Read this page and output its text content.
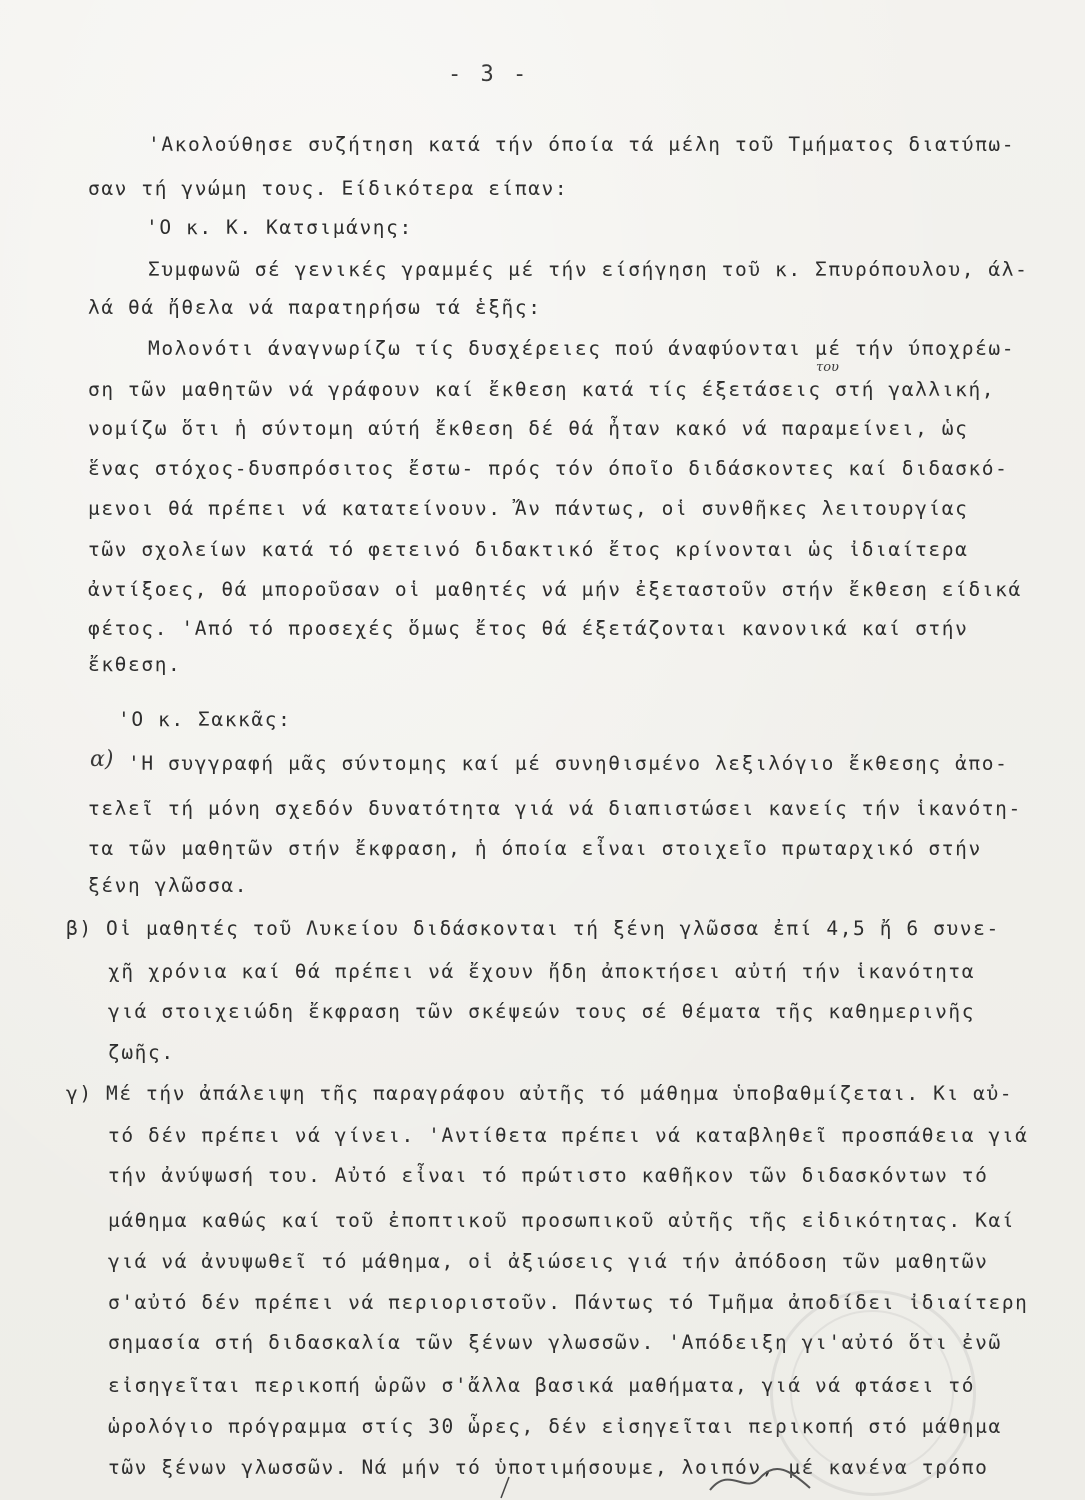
- 3 -
'Ακολούθησε συζήτηση κατά τήν όποία τά μέλη τοῦ Τμήματος διατύπω-
σαν τή γνώμη τους. Είδικότερα είπαν:
'Ο κ. Κ. Κατσιμάνης:
Συμφωνῶ σέ γενικές γραμμές μέ τήν είσήγηση τοῦ κ. Σπυρόπουλου, άλ-
λά θά ἤθελα νά παρατηρήσω τά ἑξῆς:
Μολονότι άναγνωρίζω τίς δυσχέρειες πού άναφύονται μέ τήν ύποχρέω-
ση τῶν μαθητῶν νά γράφουν καί ἔκθεση κατά τίς έξετάσεις στή γαλλική,
νομίζω ὅτι ἡ σύντομη αύτή ἔκθεση δέ θά ἦταν κακό νά παραμείνει, ὡς
ἕνας στόχος-δυσπρόσιτος ἔστω- πρός τόν όποῖο διδάσκοντες καί διδασκό-
μενοι θά πρέπει νά κατατείνουν. Ἄν πάντως, οἱ συνθῆκες λειτουργίας
τῶν σχολείων κατά τό φετεινό διδακτικό ἔτος κρίνονται ὡς ἰδιαίτερα
ἀντίξοες, θά μποροῦσαν οἱ μαθητές νά μήν ἐξεταστοῦν στήν ἔκθεση είδικά
φέτος. 'Από τό προσεχές ὅμως ἔτος θά έξετάζονται κανονικά καί στήν
ἔκθεση.
'Ο κ. Σακκᾶς:
α)
του
'Η συγγραφή μᾶς σύντομης καί μέ συνηθισμένο λεξιλόγιο ἔκθεσης ἀπο-
τελεῖ τή μόνη σχεδόν δυνατότητα γιά νά διαπιστώσει κανείς τήν ἱκανότη-
τα τῶν μαθητῶν στήν ἔκφραση, ἡ όποία εἶναι στοιχεῖο πρωταρχικό στήν
ξένη γλῶσσα.
β) Οἱ μαθητές τοῦ Λυκείου διδάσκονται τή ξένη γλῶσσα ἐπί 4,5 ἤ 6 συνε-
χῆ χρόνια καί θά πρέπει νά ἔχουν ἤδη ἀποκτήσει αὐτή τήν ἱκανότητα
γιά στοιχειώδη ἔκφραση τῶν σκέψεών τους σέ θέματα τῆς καθημερινῆς
ζωῆς.
γ) Μέ τήν ἀπάλειψη τῆς παραγράφου αὐτῆς τό μάθημα ὑποβαθμίζεται. Κι αὐ-
τό δέν πρέπει νά γίνει. 'Αντίθετα πρέπει νά καταβληθεῖ προσπάθεια γιά
τήν ἀνύψωσή του. Αὐτό εἶναι τό πρώτιστο καθῆκον τῶν διδασκόντων τό
μάθημα καθώς καί τοῦ ἐποπτικοῦ προσωπικοῦ αὐτῆς τῆς εἰδικότητας. Καί
γιά νά ἀνυψωθεῖ τό μάθημα, οἱ ἀξιώσεις γιά τήν ἀπόδοση τῶν μαθητῶν
σ'αὐτό δέν πρέπει νά περιοριστοῦν. Πάντως τό Τμῆμα ἀποδίδει ἰδιαίτερη
σημασία στή διδασκαλία τῶν ξένων γλωσσῶν. 'Απόδειξη γι'αὐτό ὅτι ἐνῶ
εἰσηγεῖται περικοπή ὡρῶν σ'ἄλλα βασικά μαθήματα, γιά νά φτάσει τό
ὡρολόγιο πρόγραμμα στίς 30 ὧρες, δέν εἰσηγεῖται περικοπή στό μάθημα
τῶν ξένων γλωσσῶν. Νά μήν τό ὑποτιμήσουμε, λοιπόν, μέ κανένα τρόπο
